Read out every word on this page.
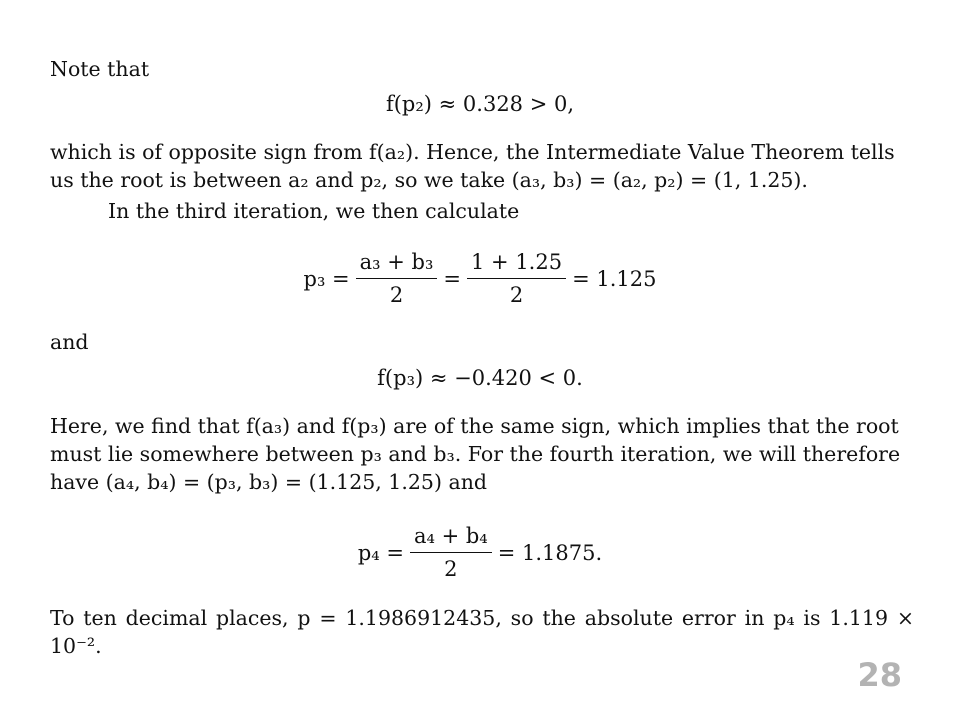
Note that

f(p₂) ≈ 0.328 > 0,

which is of opposite sign from f(a₂). Hence, the Intermediate Value Theorem tells

us the root is between a₂ and p₂, so we take (a₃, b₃) = (a₂, p₂) = (1, 1.25).

In the third iteration, we then calculate

$p_3 = \frac{\text{a₃ + b₃}}{2} = \frac{1 + 1.25}{2} = 1.125$

and

f(p₃) ≈ −0.420 < 0.

Here, we find that f(a₃) and f(p₃) are of the same sign, which implies that the root

must lie somewhere between p₃ and b₃. For the fourth iteration, we will therefore

have (a₄, b₄) = (p₃, b₃) = (1.125, 1.25) and

$p_4 = \frac{\text{a₄ + b₄}}{2} = 1.1875$.

To ten decimal places, p = 1.1986912435, so the absolute error in p₄ is 1.119 × 10⁻².

28
